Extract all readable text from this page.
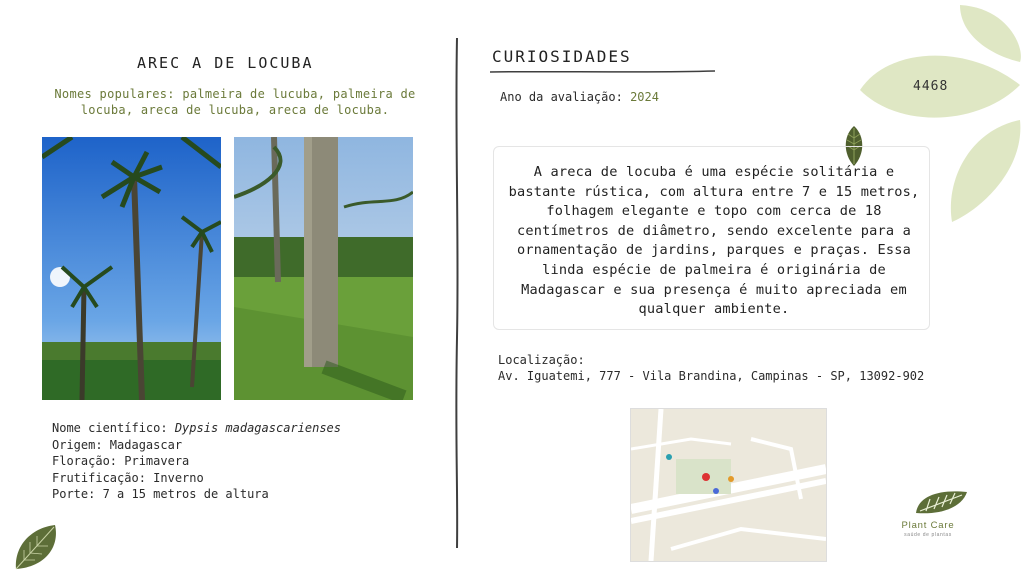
4468
AREC A DE LOCUBA
Nomes populares: palmeira de lucuba, palmeira de locuba, areca de lucuba, areca de locuba.
Nome científico: Dypsis madagascarienses
Origem: Madagascar
Floração: Primavera
Frutificação: Inverno
Porte: 7 a 15 metros de altura
CURIOSIDADES
Ano da avaliação: 2024
A areca de locuba é uma espécie solitária e bastante rústica, com altura entre 7 e 15 metros, folhagem elegante e topo com cerca de 18 centímetros de diâmetro, sendo excelente para a ornamentação de jardins, parques e praças. Essa linda espécie de palmeira é originária de Madagascar e sua presença é muito apreciada em qualquer ambiente.
Localização:
Av. Iguatemi, 777 - Vila Brandina, Campinas - SP, 13092-902
Plant Care
saúde de plantas
